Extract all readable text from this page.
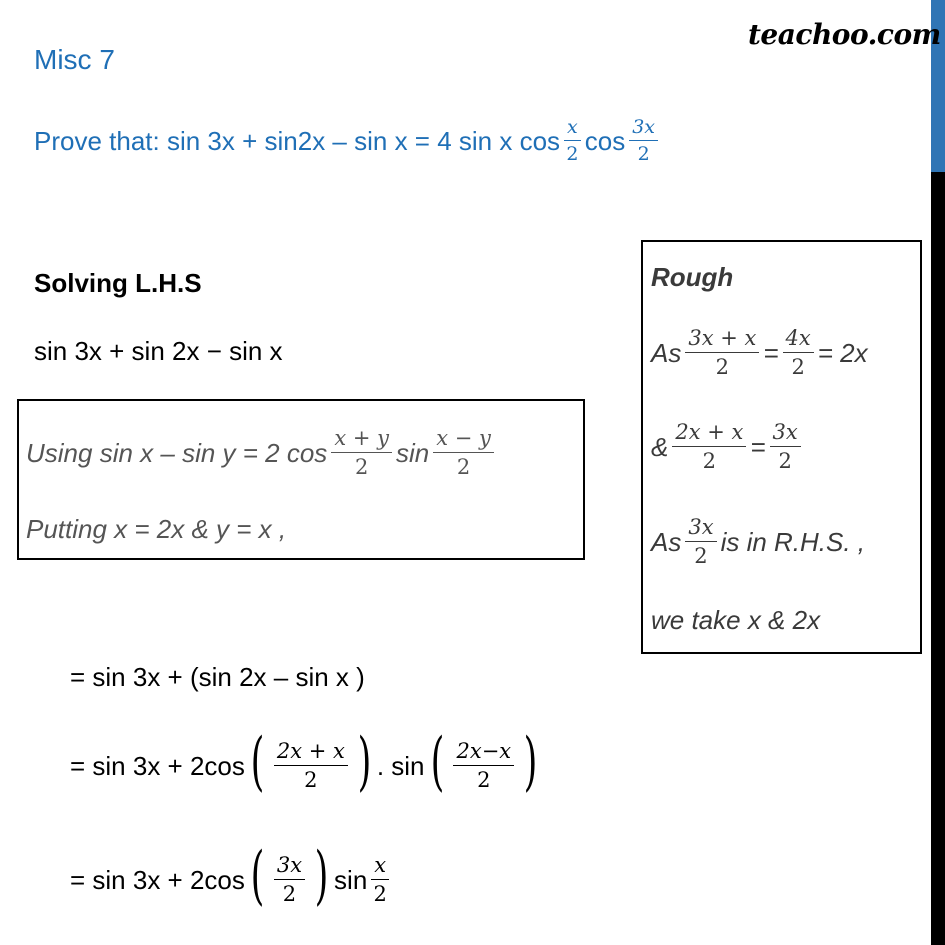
teachoo.com
Misc 7
Prove that: sin 3x + sin2x – sin x = 4 sin x $\cos \frac{x}{2}$ $\cos \frac{3x}{2}$
Solving L.H.S
sin 3x + sin 2x − sin x
Using sin x – sin y = 2 $\cos \frac{x + y}{2}$ $\sin \frac{x - y}{2}$
Putting x = 2x & y = x ,
Rough
As $\frac{3x + x}{2} = \frac{4x}{2} = 2x$
& $\frac{2x + x}{2} = \frac{3x}{2}$
As $\frac{3x}{2}$ is in R.H.S. ,
we take x & 2x
= sin 3x + (sin 2x – sin x )
= sin 3x + 2cos ( $\frac{2x + x}{2}$ ) . sin ( $\frac{2x-x}{2}$ )
= sin 3x + 2cos ( $\frac{3x}{2}$ ) $\sin \frac{x}{2}$
